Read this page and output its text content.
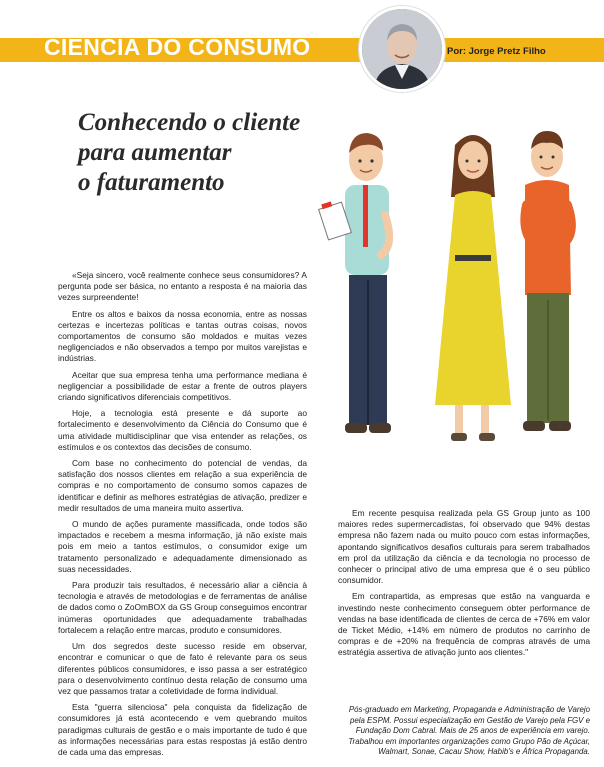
CIÊNCIA DO CONSUMO	Por: Jorge Pretz Filho
Conhecendo o cliente
para aumentar
o faturamento

«Seja sincero, você realmente conhece seus consumidores? A pergunta pode ser básica, no entanto a resposta é na maioria das vezes surpreendente!

Entre os altos e baixos da nossa economia, entre as nossas certezas e incertezas políticas e tantas outras coisas, novos comportamentos de consumo são moldados e muitas vezes negligenciados e não observados a tempo por muitos varejistas e indústrias.

Aceitar que sua empresa tenha uma performance mediana é negligenciar a possibilidade de estar a frente de outros players criando significativos diferenciais competitivos.

Hoje, a tecnologia está presente e dá suporte ao fortalecimento e desenvolvimento da Ciência do Consumo que é uma atividade multidisciplinar que visa entender as relações, os estímulos e os contextos das decisões de consumo.

Com base no conhecimento do potencial de vendas, da satisfação dos nossos clientes em relação a sua experiência de compras e no comportamento de consumo somos capazes de identificar e definir as melhores estratégias de ativação, predizer e medir resultados de uma maneira muito assertiva.

O mundo de ações puramente massificada, onde todos são impactados e recebem a mesma informação, já não existe mais pois em meio a tantos estímulos, o consumidor exige um tratamento personalizado e adequadamente dimensionado as suas necessidades.

Para produzir tais resultados, é necessário aliar a ciência à tecnologia e através de metodologias e de ferramentas de análise de dados como o ZoOmBOX da GS Group conseguimos encontrar inúmeras oportunidades que adequadamente trabalhadas fortalecem a relação entre marcas, produto e consumidores.

Um dos segredos deste sucesso reside em observar, encontrar e comunicar o que de fato é relevante para os seus diferentes públicos consumidores, e isso passa a ser estratégico para o desenvolvimento contínuo desta relação de consumo uma vez que passamos tratar a coletividade de forma individual.

Esta "guerra silenciosa" pela conquista da fidelização de consumidores já está acontecendo e vem quebrando muitos paradigmas culturais de gestão e o mais importante de tudo é que as informações necessárias para estas respostas já estão dentro de cada uma das empresas.

Em recente pesquisa realizada pela GS Group junto as 100 maiores redes supermercadistas, foi observado que 94% destas empresa não fazem nada ou muito pouco com estas informações, apontando significativos desafios culturais para serem trabalhados em prol da utilização da ciência e da tecnologia no processo de conhecer o principal ativo de uma empresa que é o seu público consumidor.

Em contrapartida, as empresas que estão na vanguarda e investindo neste conhecimento conseguem obter performance de vendas na base identificada de clientes de cerca de +76% em valor de Ticket Médio, +14% em número de produtos no carrinho de compras e de +20% na frequência de compras através de uma estratégia assertiva de ativação junto aos clientes."

Pós-graduado em Marketing, Propaganda e Administração de Varejo pela ESPM. Possui especialização em Gestão de Varejo pela FGV e Fundação Dom Cabral. Mais de 25 anos de experiência em varejo. Trabalhou em importantes organizações como Grupo Pão de Açúcar, Walmart, Sonae, Cacau Show, Habib's e África Propaganda.
